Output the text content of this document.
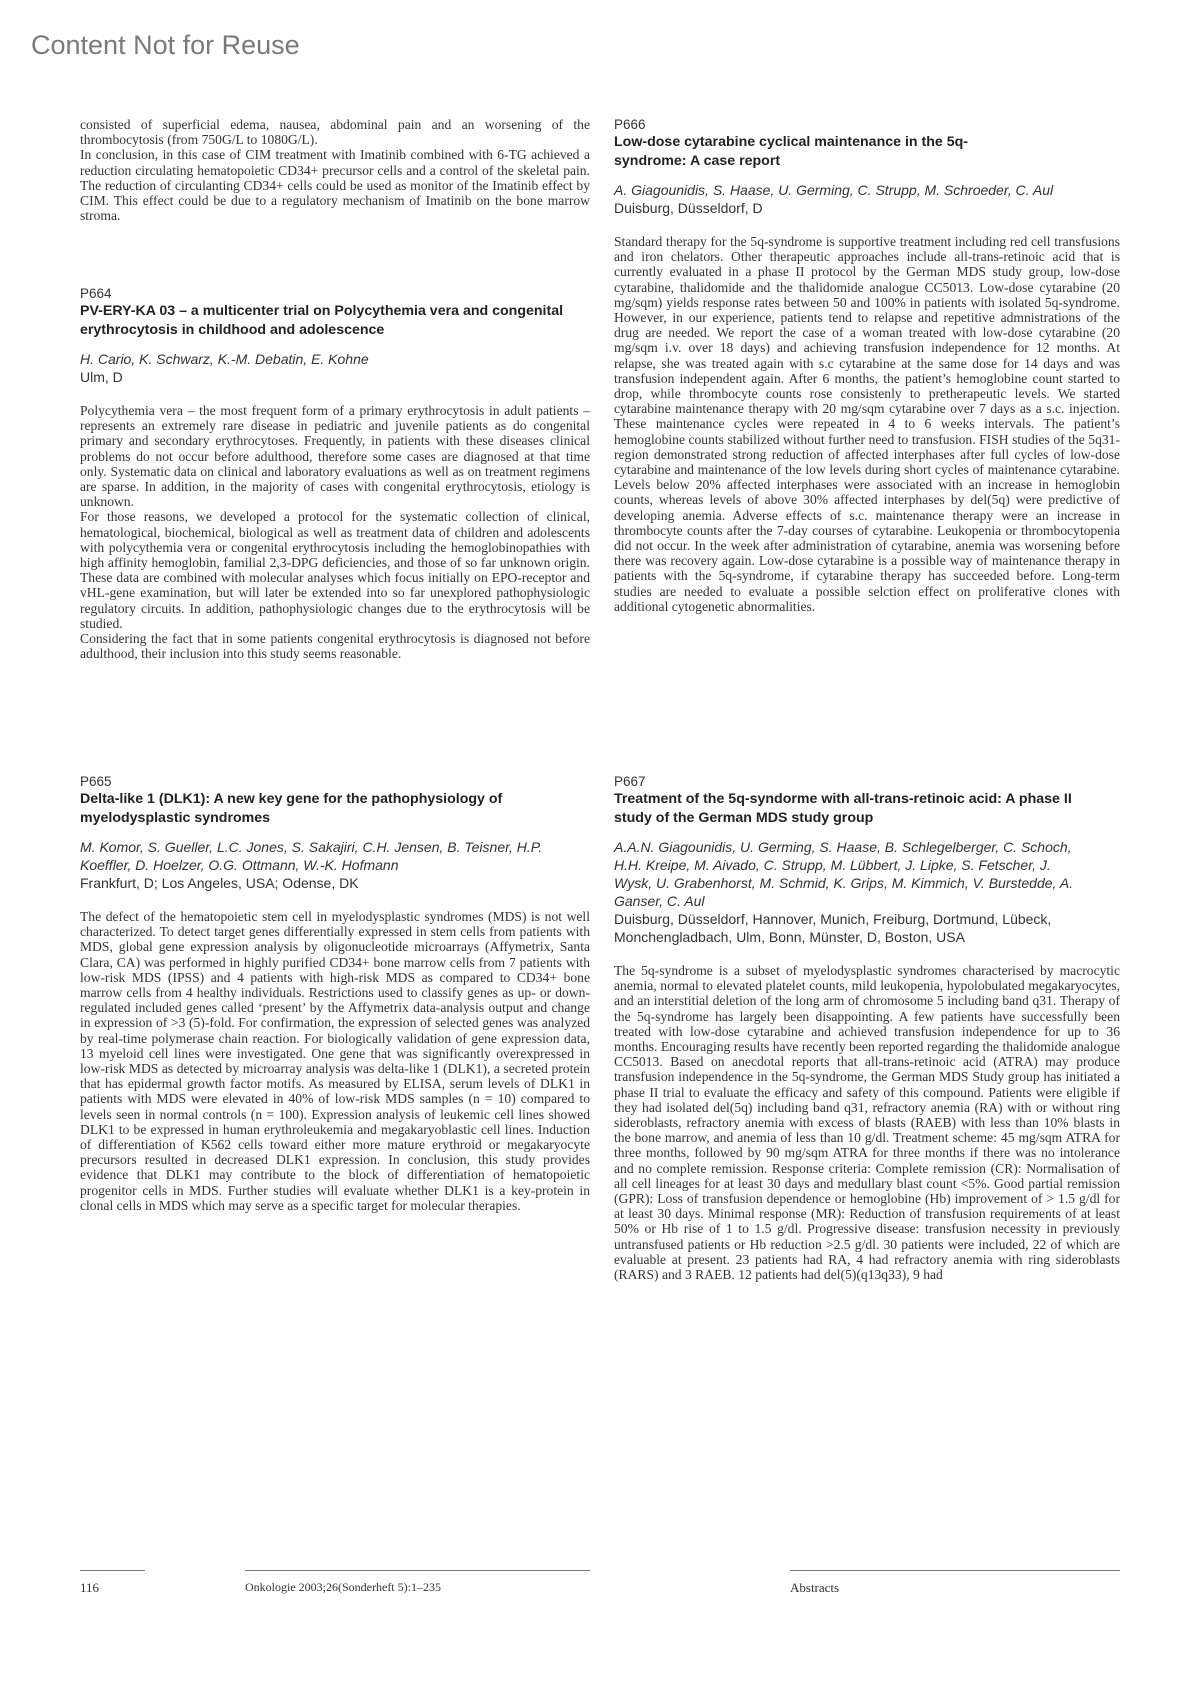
Content Not for Reuse

consisted of superficial edema, nausea, abdominal pain and an worsening of the thrombocytosis (from 750G/L to 1080G/L).

In conclusion, in this case of CIM treatment with Imatinib combined with 6-TG achieved a reduction circulating hematopoietic CD34+ precursor cells and a control of the skeletal pain. The reduction of circulanting CD34+ cells could be used as monitor of the Imatinib effect by CIM. This effect could be due to a regulatory mechanism of Imatinib on the bone marrow stroma.

P664
PV-ERY-KA 03 – a multicenter trial on Polycythemia vera and congenital erythrocytosis in childhood and adolescence
H. Cario, K. Schwarz, K.-M. Debatin, E. Kohne
Ulm, D

Polycythemia vera – the most frequent form of a primary erythrocytosis in adult patients – represents an extremely rare disease in pediatric and juvenile patients as do congenital primary and secondary erythrocytoses. Frequently, in patients with these diseases clinical problems do not occur before adulthood, therefore some cases are diagnosed at that time only. Systematic data on clinical and laboratory evaluations as well as on treatment regimens are sparse. In addition, in the majority of cases with congenital erythrocytosis, etiology is unknown.

For those reasons, we developed a protocol for the systematic collection of clinical, hematological, biochemical, biological as well as treatment data of children and adolescents with polycythemia vera or congenital erythrocytosis including the hemoglobinopathies with high affinity hemoglobin, familial 2,3-DPG deficiencies, and those of so far unknown origin. These data are combined with molecular analyses which focus initially on EPO-receptor and vHL-gene examination, but will later be extended into so far unexplored pathophysiologic regulatory circuits. In addition, pathophysiologic changes due to the erythrocytosis will be studied.

Considering the fact that in some patients congenital erythrocytosis is diagnosed not before adulthood, their inclusion into this study seems reasonable.

P665
Delta-like 1 (DLK1): A new key gene for the pathophysiology of myelodysplastic syndromes
M. Komor, S. Gueller, L.C. Jones, S. Sakajiri, C.H. Jensen, B. Teisner, H.P. Koeffler, D. Hoelzer, O.G. Ottmann, W.-K. Hofmann
Frankfurt, D; Los Angeles, USA; Odense, DK

The defect of the hematopoietic stem cell in myelodysplastic syndromes (MDS) is not well characterized. To detect target genes differentially expressed in stem cells from patients with MDS, global gene expression analysis by oligonucleotide microarrays (Affymetrix, Santa Clara, CA) was performed in highly purified CD34+ bone marrow cells from 7 patients with low-risk MDS (IPSS) and 4 patients with high-risk MDS as compared to CD34+ bone marrow cells from 4 healthy individuals. Restrictions used to classify genes as up- or down-regulated included genes called ‘present’ by the Affymetrix data-analysis output and change in expression of >3 (5)-fold. For confirmation, the expression of selected genes was analyzed by real-time polymerase chain reaction. For biologically validation of gene expression data, 13 myeloid cell lines were investigated. One gene that was significantly overexpressed in low-risk MDS as detected by microarray analysis was delta-like 1 (DLK1), a secreted protein that has epidermal growth factor motifs. As measured by ELISA, serum levels of DLK1 in patients with MDS were elevated in 40% of low-risk MDS samples (n = 10) compared to levels seen in normal controls (n = 100). Expression analysis of leukemic cell lines showed DLK1 to be expressed in human erythroleukemia and megakaryoblastic cell lines. Induction of differentiation of K562 cells toward either more mature erythroid or megakaryocyte precursors resulted in decreased DLK1 expression. In conclusion, this study provides evidence that DLK1 may contribute to the block of differentiation of hematopoietic progenitor cells in MDS. Further studies will evaluate whether DLK1 is a key-protein in clonal cells in MDS which may serve as a specific target for molecular therapies.

P666
Low-dose cytarabine cyclical maintenance in the 5q-syndrome: A case report
A. Giagounidis, S. Haase, U. Germing, C. Strupp, M. Schroeder, C. Aul
Duisburg, Düsseldorf, D

Standard therapy for the 5q-syndrome is supportive treatment including red cell transfusions and iron chelators. Other therapeutic approaches include all-trans-retinoic acid that is currently evaluated in a phase II protocol by the German MDS study group, low-dose cytarabine, thalidomide and the thalidomide analogue CC5013. Low-dose cytarabine (20 mg/sqm) yields response rates between 50 and 100% in patients with isolated 5q-syndrome. However, in our experience, patients tend to relapse and repetitive admnistrations of the drug are needed. We report the case of a woman treated with low-dose cytarabine (20 mg/sqm i.v. over 18 days) and achieving transfusion independence for 12 months. At relapse, she was treated again with s.c cytarabine at the same dose for 14 days and was transfusion independent again. After 6 months, the patient’s hemoglobine count started to drop, while thrombocyte counts rose consistenly to pretherapeutic levels. We started cytarabine maintenance therapy with 20 mg/sqm cytarabine over 7 days as a s.c. injection. These maintenance cycles were repeated in 4 to 6 weeks intervals. The patient’s hemoglobine counts stabilized without further need to transfusion. FISH studies of the 5q31-region demonstrated strong reduction of affected interphases after full cycles of low-dose cytarabine and maintenance of the low levels during short cycles of maintenance cytarabine. Levels below 20% affected interphases were associated with an increase in hemoglobin counts, whereas levels of above 30% affected interphases by del(5q) were predictive of developing anemia. Adverse effects of s.c. maintenance therapy were an increase in thrombocyte counts after the 7-day courses of cytarabine. Leukopenia or thrombocytopenia did not occur. In the week after administration of cytarabine, anemia was worsening before there was recovery again. Low-dose cytarabine is a possible way of maintenance therapy in patients with the 5q-syndrome, if cytarabine therapy has succeeded before. Long-term studies are needed to evaluate a possible selction effect on proliferative clones with additional cytogenetic abnormalities.

P667
Treatment of the 5q-syndorme with all-trans-retinoic acid: A phase II study of the German MDS study group
A.A.N. Giagounidis, U. Germing, S. Haase, B. Schlegelberger, C. Schoch, H.H. Kreipe, M. Aivado, C. Strupp, M. Lübbert, J. Lipke, S. Fetscher, J. Wysk, U. Grabenhorst, M. Schmid, K. Grips, M. Kimmich, V. Burstedde, A. Ganser, C. Aul
Duisburg, Düsseldorf, Hannover, Munich, Freiburg, Dortmund, Lübeck, Monchengladbach, Ulm, Bonn, Münster, D, Boston, USA

The 5q-syndrome is a subset of myelodysplastic syndromes characterised by macrocytic anemia, normal to elevated platelet counts, mild leukopenia, hypolobulated megakaryocytes, and an interstitial deletion of the long arm of chromosome 5 including band q31. Therapy of the 5q-syndrome has largely been disappointing. A few patients have successfully been treated with low-dose cytarabine and achieved transfusion independence for up to 36 months. Encouraging results have recently been reported regarding the thalidomide analogue CC5013. Based on anecdotal reports that all-trans-retinoic acid (ATRA) may produce transfusion independence in the 5q-syndrome, the German MDS Study group has initiated a phase II trial to evaluate the efficacy and safety of this compound. Patients were eligible if they had isolated del(5q) including band q31, refractory anemia (RA) with or without ring sideroblasts, refractory anemia with excess of blasts (RAEB) with less than 10% blasts in the bone marrow, and anemia of less than 10 g/dl. Treatment scheme: 45 mg/sqm ATRA for three months, followed by 90 mg/sqm ATRA for three months if there was no intolerance and no complete remission. Response criteria: Complete remission (CR): Normalisation of all cell lineages for at least 30 days and medullary blast count <5%. Good partial remission (GPR): Loss of transfusion dependence or hemoglobine (Hb) improvement of > 1.5 g/dl for at least 30 days. Minimal response (MR): Reduction of transfusion requirements of at least 50% or Hb rise of 1 to 1.5 g/dl. Progressive disease: transfusion necessity in previously untransfused patients or Hb reduction >2.5 g/dl. 30 patients were included, 22 of which are evaluable at present. 23 patients had RA, 4 had refractory anemia with ring sideroblasts (RARS) and 3 RAEB. 12 patients had del(5)(q13q33), 9 had

116	Onkologie 2003;26(Sonderheft 5):1–235	Abstracts
